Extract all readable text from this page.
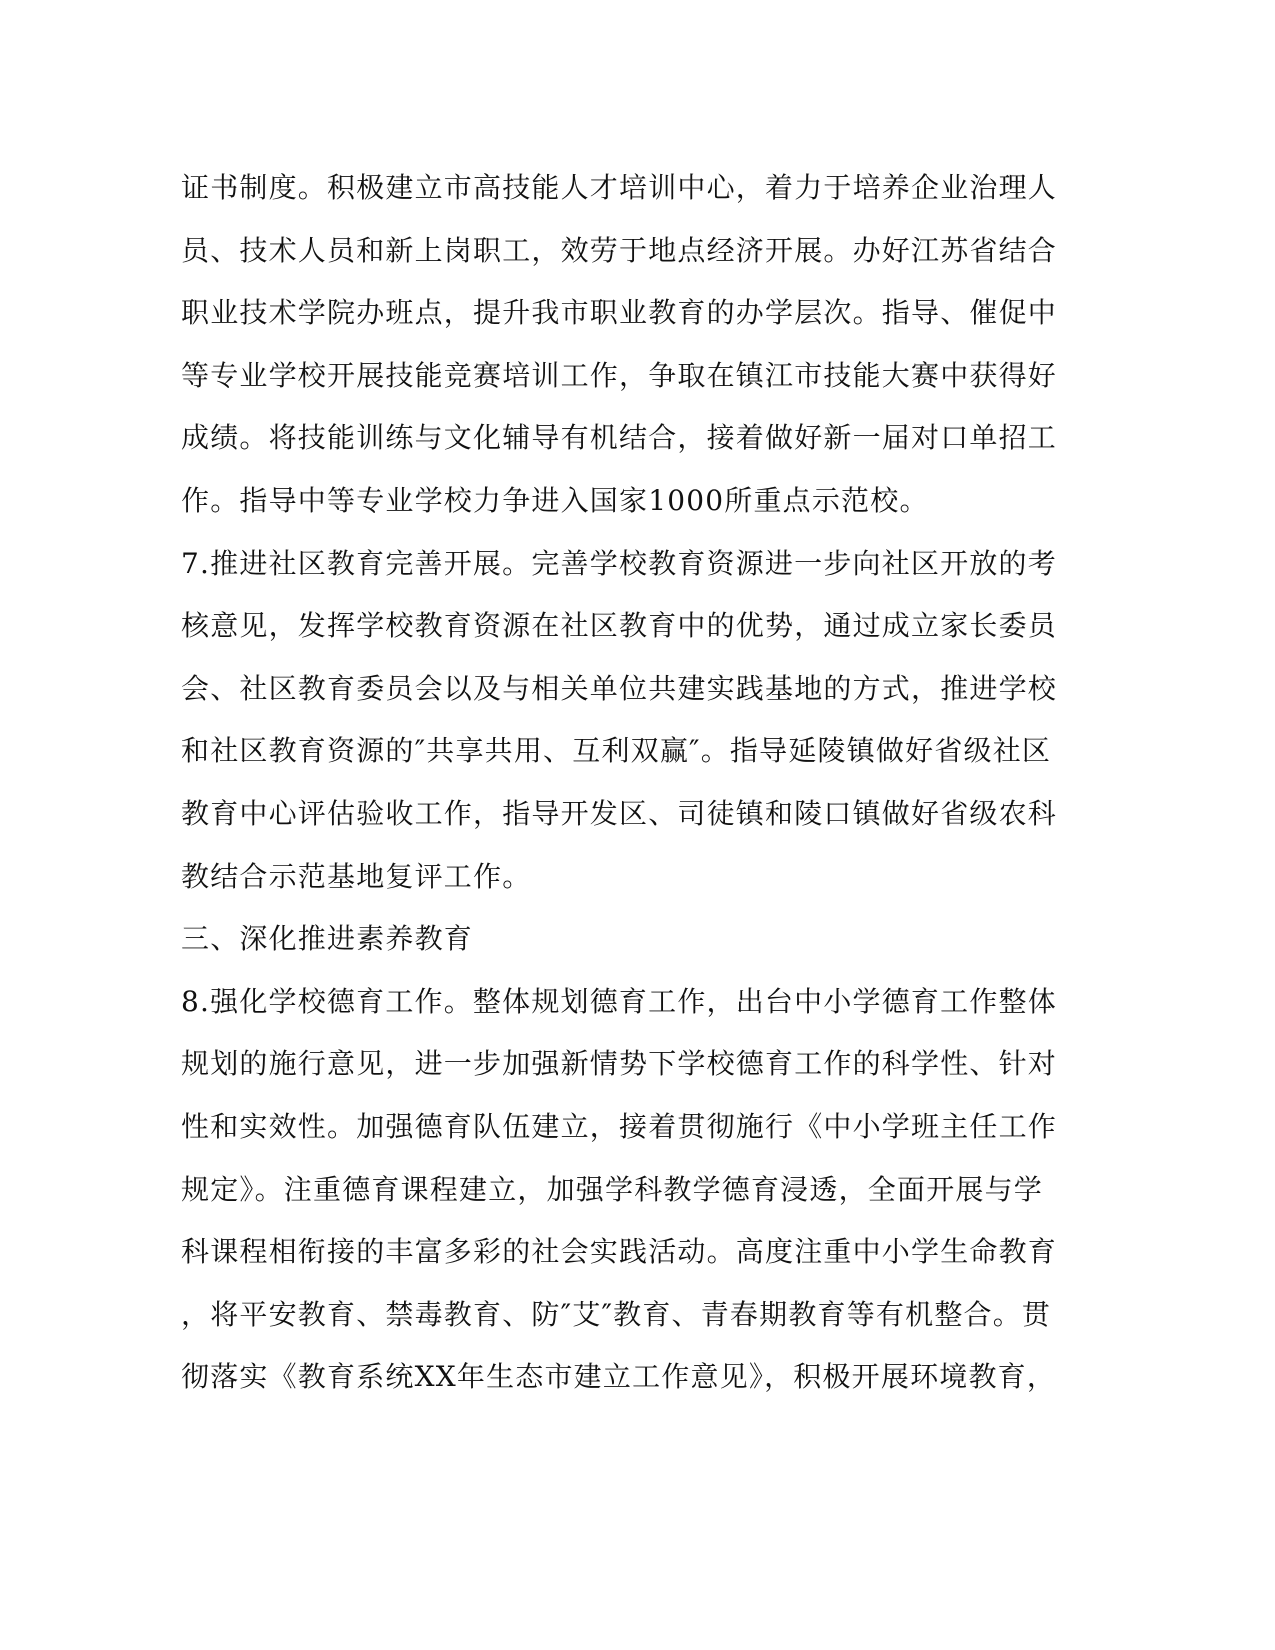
证书制度。积极建立市高技能人才培训中心，着力于培养企业治理人
员、技术人员和新上岗职工，效劳于地点经济开展。办好江苏省结合
职业技术学院办班点，提升我市职业教育的办学层次。指导、催促中
等专业学校开展技能竞赛培训工作，争取在镇江市技能大赛中获得好
成绩。将技能训练与文化辅导有机结合，接着做好新一届对口单招工
作。指导中等专业学校力争进入国家1000所重点示范校。
7.推进社区教育完善开展。完善学校教育资源进一步向社区开放的考
核意见，发挥学校教育资源在社区教育中的优势，通过成立家长委员
会、社区教育委员会以及与相关单位共建实践基地的方式，推进学校
和社区教育资源的″共享共用、互利双赢″。指导延陵镇做好省级社区
教育中心评估验收工作，指导开发区、司徒镇和陵口镇做好省级农科
教结合示范基地复评工作。
三、深化推进素养教育
8.强化学校德育工作。整体规划德育工作，出台中小学德育工作整体
规划的施行意见，进一步加强新情势下学校德育工作的科学性、针对
性和实效性。加强德育队伍建立，接着贯彻施行《中小学班主任工作
规定》。注重德育课程建立，加强学科教学德育浸透，全面开展与学
科课程相衔接的丰富多彩的社会实践活动。高度注重中小学生命教育
，将平安教育、禁毒教育、防″艾″教育、青春期教育等有机整合。贯
彻落实《教育系统XX年生态市建立工作意见》，积极开展环境教育，
